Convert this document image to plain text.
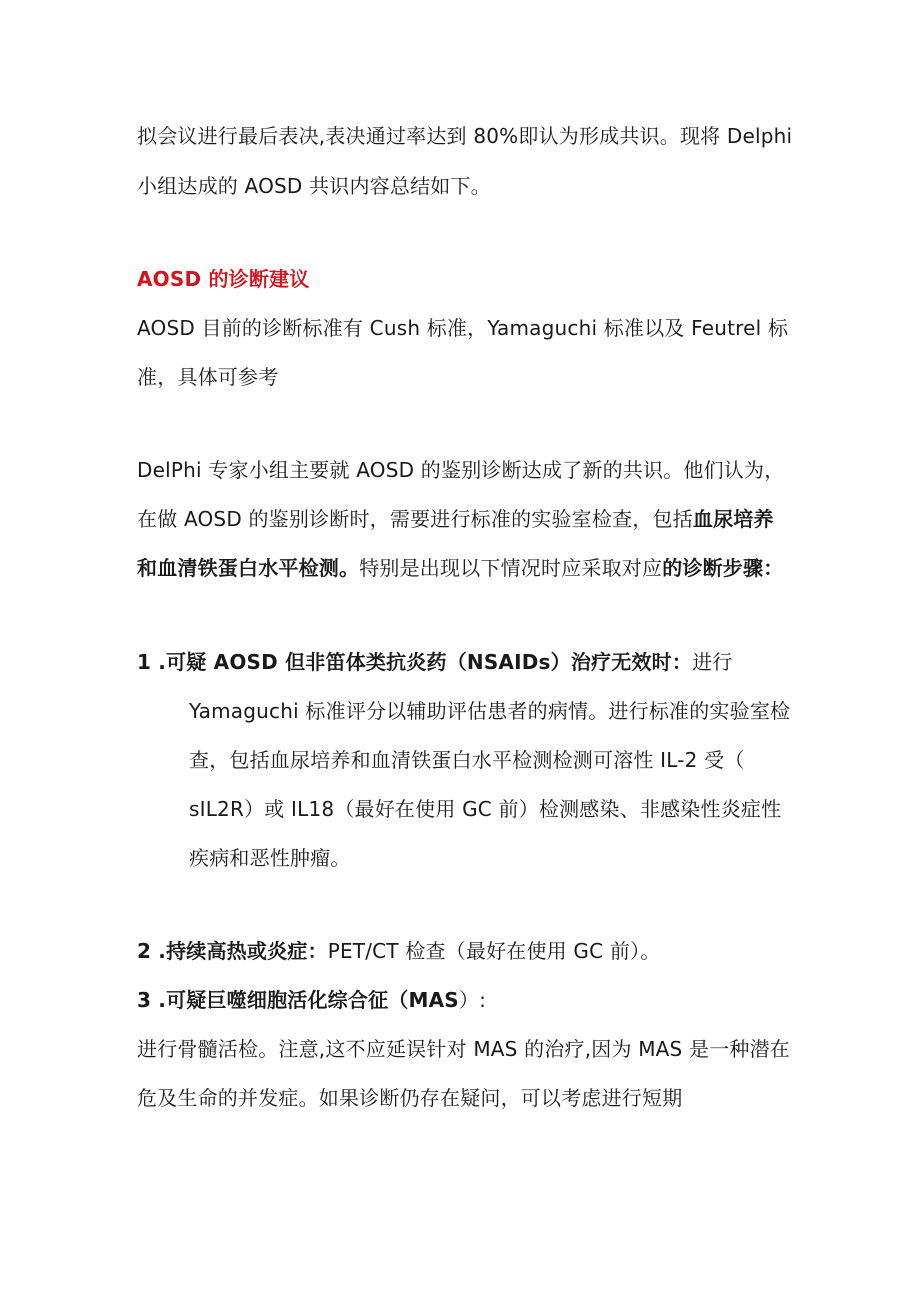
拟会议进行最后表决,表决通过率达到 80%即认为形成共识。现将 Delphi
小组达成的 AOSD 共识内容总结如下。
AOSD 的诊断建议
AOSD 目前的诊断标准有 Cush 标准，Yamaguchi 标准以及 Feutrel 标
准，具体可参考
DelPhi 专家小组主要就 AOSD 的鉴别诊断达成了新的共识。他们认为，
在做 AOSD 的鉴别诊断时，需要进行标准的实验室检查，包括血尿培养
和血清铁蛋白水平检测。特别是出现以下情况时应采取对应的诊断步骤：
1 .可疑 AOSD 但非笛体类抗炎药（NSAIDs）治疗无效时：进行
Yamaguchi 标准评分以辅助评估患者的病情。进行标准的实验室检
查，包括血尿培养和血清铁蛋白水平检测检测可溶性 IL-2 受（
sIL2R）或 IL18（最好在使用 GC 前）检测感染、非感染性炎症性
疾病和恶性肿瘤。
2 .持续高热或炎症：PET/CT 检查（最好在使用 GC 前）。
3 .可疑巨噬细胞活化综合征（MAS）:
进行骨髓活检。注意,这不应延误针对 MAS 的治疗,因为 MAS 是一种潜在
危及生命的并发症。如果诊断仍存在疑问，可以考虑进行短期
